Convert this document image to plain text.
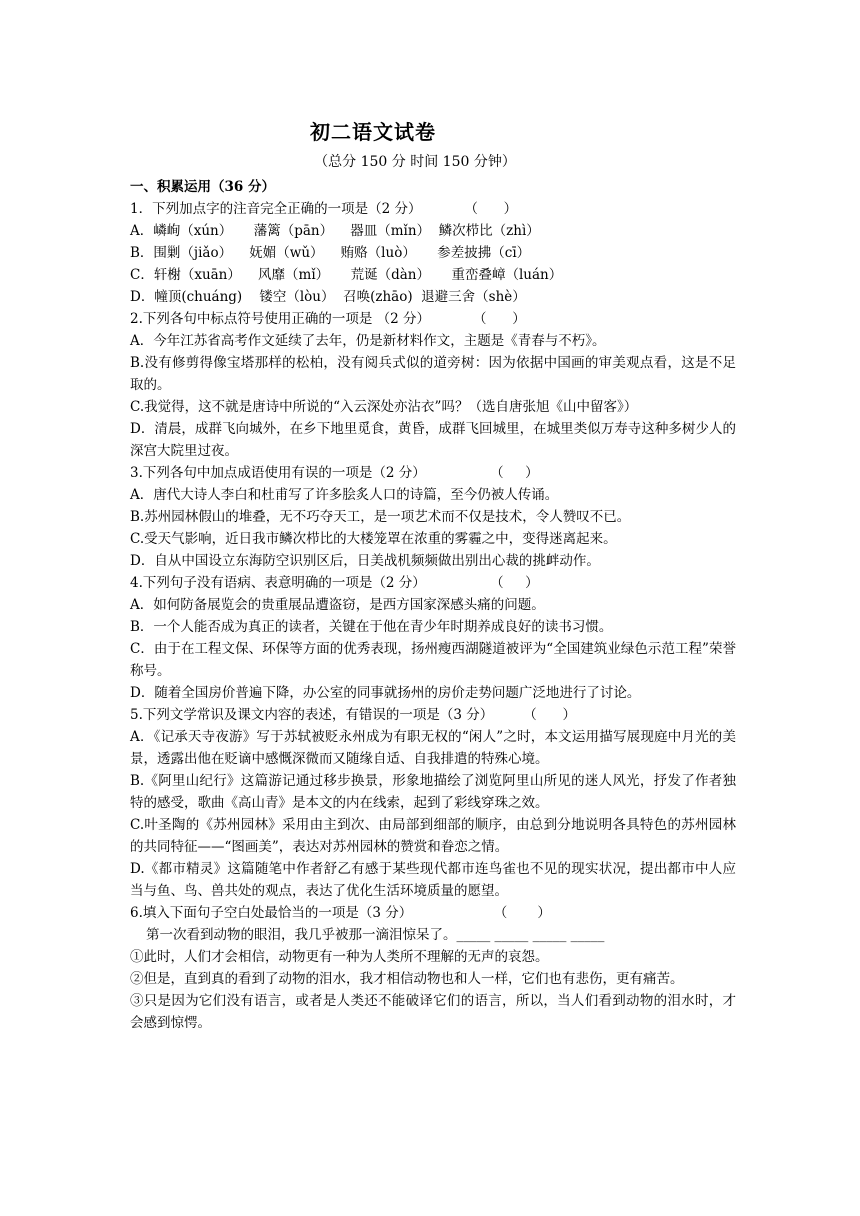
初二语文试卷
（总分 150 分 时间 150 分钟）
一、积累运用（36 分）
1．下列加点字的注音完全正确的一项是（2 分）          （      ）
A．嶙峋（xún）     藩篱（pān）    器皿（mǐn）  鳞次栉比（zhì）
B．围剿（jiǎo）    妩媚（wǔ）    贿赂（luò）     参差披拂（cī）
C．轩榭（xuān）    风靡（mǐ）     荒诞（dàn）     重峦叠嶂（luán）
D．幢顶(chuáng)    镂空（lòu）  召唤(zhāo)  退避三舍（shè）
2.下列各句中标点符号使用正确的一项是 （2 分）          （      ）
A．今年江苏省高考作文延续了去年，仍是新材料作文，主题是《青春与不朽》。
B.没有修剪得像宝塔那样的松柏，没有阅兵式似的道旁树：因为依据中国画的审美观点看，这是不足取的。
C.我觉得，这不就是唐诗中所说的“入云深处亦沾衣”吗？（选自唐张旭《山中留客》）
D．清晨，成群飞向城外，在乡下地里觅食，黄昏，成群飞回城里，在城里类似万寿寺这种多树少人的深宫大院里过夜。
3.下列各句中加点成语使用有误的一项是（2 分）               （     ）
A．唐代大诗人李白和杜甫写了许多脍炙人口的诗篇，至今仍被人传诵。
B.苏州园林假山的堆叠，无不巧夺天工，是一项艺术而不仅是技术，令人赞叹不已。
C.受天气影响，近日我市鳞次栉比的大楼笼罩在浓重的雾霾之中，变得迷离起来。
D．自从中国设立东海防空识别区后，日美战机频频做出别出心裁的挑衅动作。
4.下列句子没有语病、表意明确的一项是（2 分）               （     ）
A．如何防备展览会的贵重展品遭盗窃，是西方国家深感头痛的问题。
B．一个人能否成为真正的读者，关键在于他在青少年时期养成良好的读书习惯。
C．由于在工程文保、环保等方面的优秀表现，扬州瘦西湖隧道被评为“全国建筑业绿色示范工程”荣誉称号。
D．随着全国房价普遍下降，办公室的同事就扬州的房价走势问题广泛地进行了讨论。
5.下列文学常识及课文内容的表述，有错误的一项是（3 分）       （      ）
A．《记承天寺夜游》写于苏轼被贬永州成为有职无权的“闲人”之时，本文运用描写展现庭中月光的美景，透露出他在贬谪中感慨深微而又随缘自适、自我排遣的特殊心境。
B.《阿里山纪行》这篇游记通过移步换景，形象地描绘了浏览阿里山所见的迷人风光，抒发了作者独特的感受，歌曲《高山青》是本文的内在线索，起到了彩线穿珠之效。
C.叶圣陶的《苏州园林》采用由主到次、由局部到细部的顺序，由总到分地说明各具特色的苏州园林的共同特征——“图画美”，表达对苏州园林的赞赏和眷恋之情。
D.《都市精灵》这篇随笔中作者舒乙有感于某些现代都市连鸟雀也不见的现实状况，提出都市中人应当与鱼、鸟、兽共处的观点，表达了优化生活环境质量的愿望。
6.填入下面句子空白处最恰当的一项是（3 分）                   （       ）
第一次看到动物的眼泪，我几乎被那一滴泪惊呆了。_____ _____ _____ _____
①此时，人们才会相信，动物更有一种为人类所不理解的无声的哀怨。
②但是，直到真的看到了动物的泪水，我才相信动物也和人一样，它们也有悲伤，更有痛苦。
③只是因为它们没有语言，或者是人类还不能破译它们的语言，所以，当人们看到动物的泪水时，才会感到惊愕。
